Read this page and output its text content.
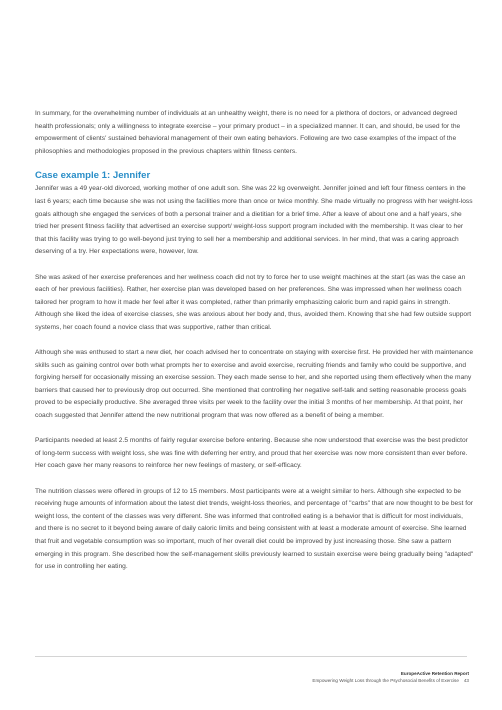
In summary, for the overwhelming number of individuals at an unhealthy weight, there is no need for a plethora of doctors, or advanced degreed health professionals; only a willingness to integrate exercise – your primary product – in a specialized manner. It can, and should, be used for the empowerment of clients' sustained behavioral management of their own eating behaviors. Following are two case examples of the impact of the philosophies and methodologies proposed in the previous chapters within fitness centers.

Case example 1: Jennifer

Jennifer was a 49 year-old divorced, working mother of one adult son. She was 22 kg overweight. Jennifer joined and left four fitness centers in the last 6 years; each time because she was not using the facilities more than once or twice monthly. She made virtually no progress with her weight-loss goals although she engaged the services of both a personal trainer and a dietitian for a brief time. After a leave of about one and a half years, she tried her present fitness facility that advertised an exercise support/ weight-loss support program included with the membership. It was clear to her that this facility was trying to go well-beyond just trying to sell her a membership and additional services. In her mind, that was a caring approach deserving of a try. Her expectations were, however, low.

She was asked of her exercise preferences and her wellness coach did not try to force her to use weight machines at the start (as was the case an each of her previous facilities). Rather, her exercise plan was developed based on her preferences. She was impressed when her wellness coach tailored her program to how it made her feel after it was completed, rather than primarily emphasizing caloric burn and rapid gains in strength. Although she liked the idea of exercise classes, she was anxious about her body and, thus, avoided them. Knowing that she had few outside support systems, her coach found a novice class that was supportive, rather than critical.

Although she was enthused to start a new diet, her coach advised her to concentrate on staying with exercise first. He provided her with maintenance skills such as gaining control over both what prompts her to exercise and avoid exercise, recruiting friends and family who could be supportive, and forgiving herself for occasionally missing an exercise session. They each made sense to her, and she reported using them effectively when the many barriers that caused her to previously drop out occurred. She mentioned that controlling her negative self-talk and setting reasonable process goals proved to be especially productive. She averaged three visits per week to the facility over the initial 3 months of her membership. At that point, her coach suggested that Jennifer attend the new nutritional program that was now offered as a benefit of being a member.

Participants needed at least 2.5 months of fairly regular exercise before entering. Because she now understood that exercise was the best predictor of long-term success with weight loss, she was fine with deferring her entry, and proud that her exercise was now more consistent than ever before. Her coach gave her many reasons to reinforce her new feelings of mastery, or self-efficacy.

The nutrition classes were offered in groups of 12 to 15 members. Most participants were at a weight similar to hers. Although she expected to be receiving huge amounts of information about the latest diet trends, weight-loss theories, and percentage of "carbs" that are now thought to be best for weight loss, the content of the classes was very different. She was informed that controlled eating is a behavior that is difficult for most individuals, and there is no secret to it beyond being aware of daily caloric limits and being consistent with at least a moderate amount of exercise. She learned that fruit and vegetable consumption was so important, much of her overall diet could be improved by just increasing those. She saw a pattern emerging in this program. She described how the self-management skills previously learned to sustain exercise were being gradually being "adapted" for use in controlling her eating.

EuropeActive Retention Report
Empowering Weight Loss through the Psychosocial Benefits of Exercise 43
